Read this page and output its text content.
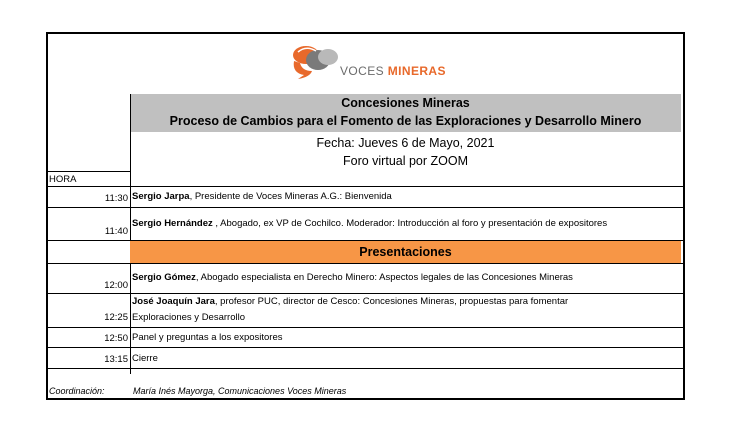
VOCES MINERAS
Concesiones Mineras
Proceso de Cambios para el Fomento de las Exploraciones y Desarrollo Minero
Fecha: Jueves 6 de Mayo, 2021
Foro virtual por ZOOM
HORA
11:30 Sergio Jarpa, Presidente de Voces Mineras A.G.: Bienvenida
11:40
Sergio Hernández , Abogado, ex VP de Cochilco. Moderador: Introducción al foro y presentación de expositores
Presentaciones
12:00
Sergio Gómez, Abogado especialista en Derecho Minero: Aspectos legales de las Concesiones Mineras
12:25
José Joaquín Jara, profesor PUC, director de Cesco: Concesiones Mineras, propuestas para fomentar
Exploraciones y Desarrollo
12:50 Panel y preguntas a los expositores
13:15 Cierre
Coordinación:	María Inés Mayorga, Comunicaciones Voces Mineras
